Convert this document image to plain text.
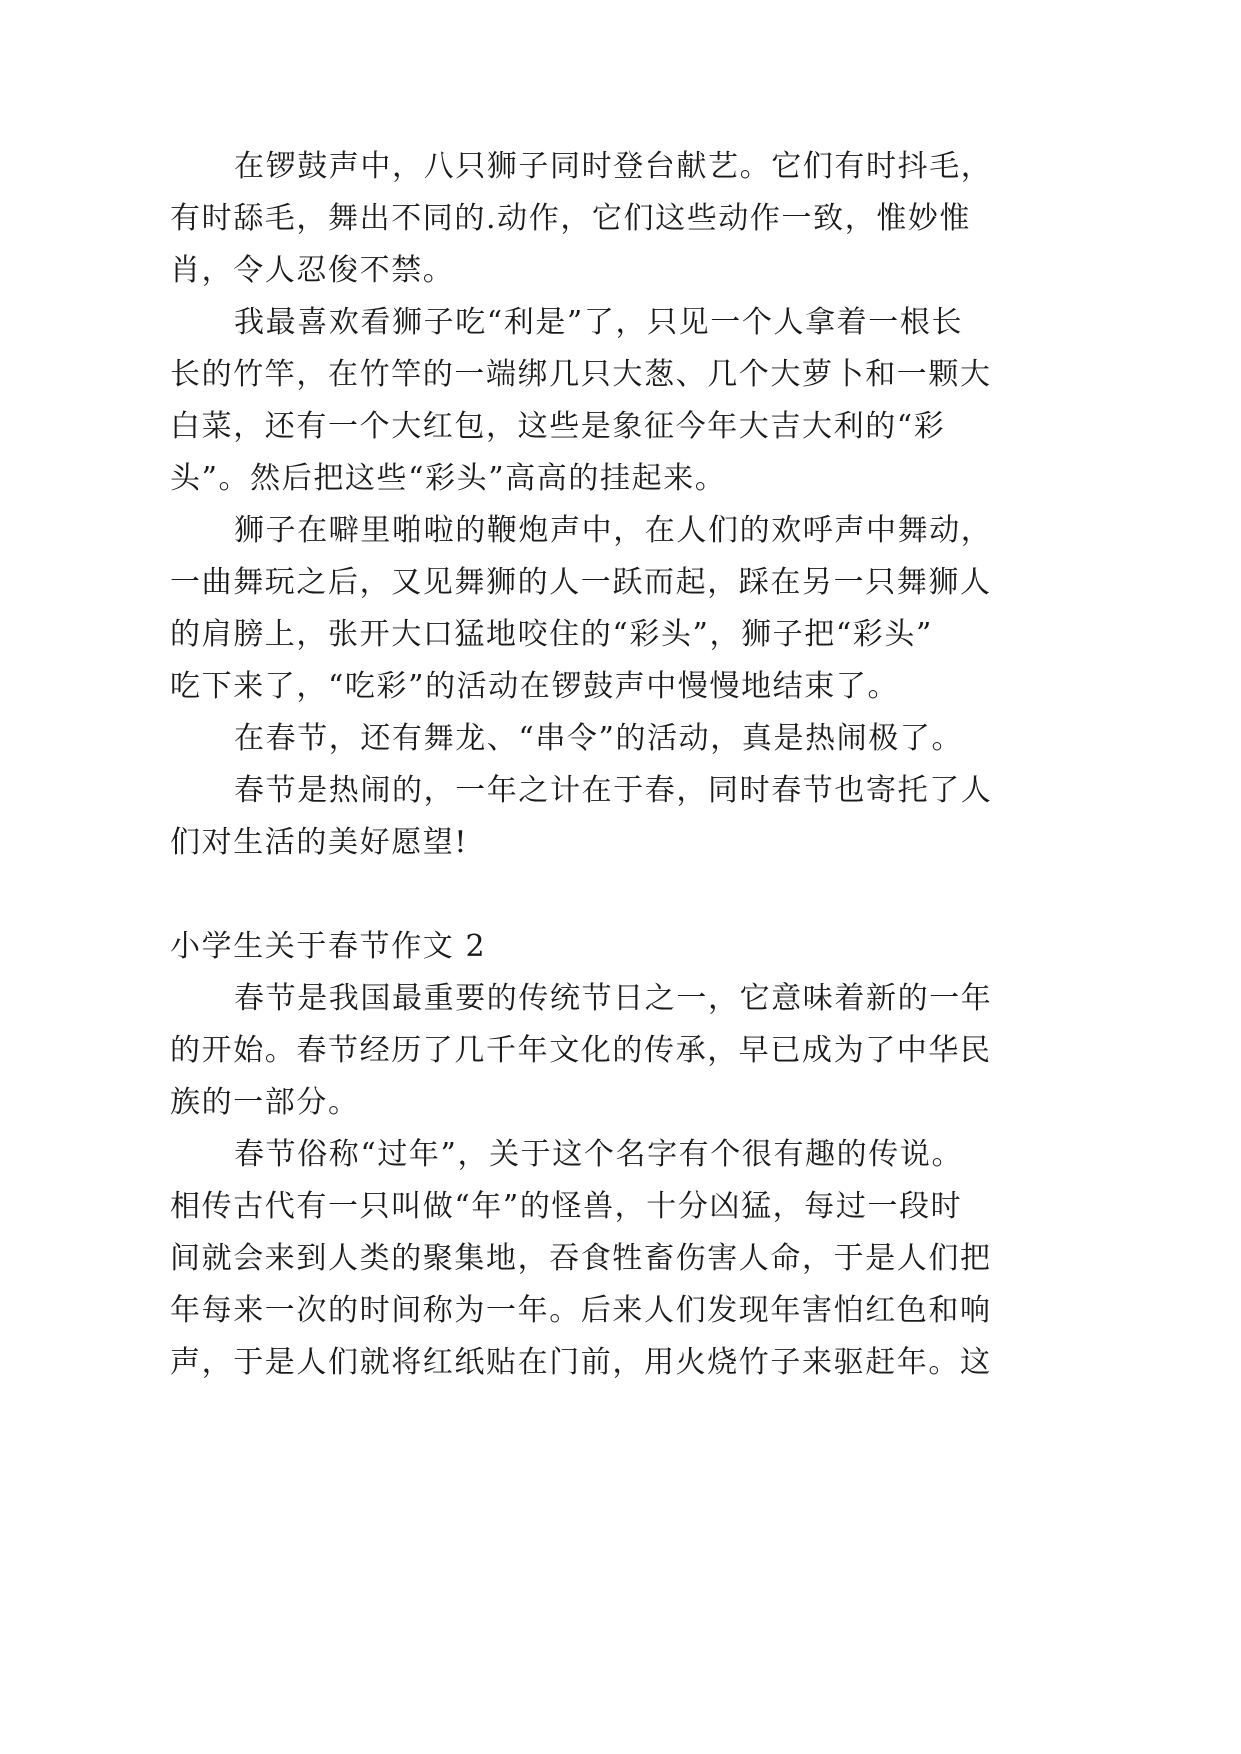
在锣鼓声中，八只狮子同时登台献艺。它们有时抖毛，
有时舔毛，舞出不同的.动作，它们这些动作一致，惟妙惟
肖，令人忍俊不禁。
我最喜欢看狮子吃“利是”了，只见一个人拿着一根长
长的竹竿，在竹竿的一端绑几只大葱、几个大萝卜和一颗大
白菜，还有一个大红包，这些是象征今年大吉大利的“彩
头”。然后把这些“彩头”高高的挂起来。
狮子在噼里啪啦的鞭炮声中，在人们的欢呼声中舞动，
一曲舞玩之后，又见舞狮的人一跃而起，踩在另一只舞狮人
的肩膀上，张开大口猛地咬住的“彩头”，狮子把“彩头”
吃下来了，“吃彩”的活动在锣鼓声中慢慢地结束了。
在春节，还有舞龙、“串令”的活动，真是热闹极了。
春节是热闹的，一年之计在于春，同时春节也寄托了人
们对生活的美好愿望!
小学生关于春节作文 2
春节是我国最重要的传统节日之一，它意味着新的一年
的开始。春节经历了几千年文化的传承，早已成为了中华民
族的一部分。
春节俗称“过年”，关于这个名字有个很有趣的传说。
相传古代有一只叫做“年”的怪兽，十分凶猛，每过一段时
间就会来到人类的聚集地，吞食牲畜伤害人命，于是人们把
年每来一次的时间称为一年。后来人们发现年害怕红色和响
声，于是人们就将红纸贴在门前，用火烧竹子来驱赶年。这
